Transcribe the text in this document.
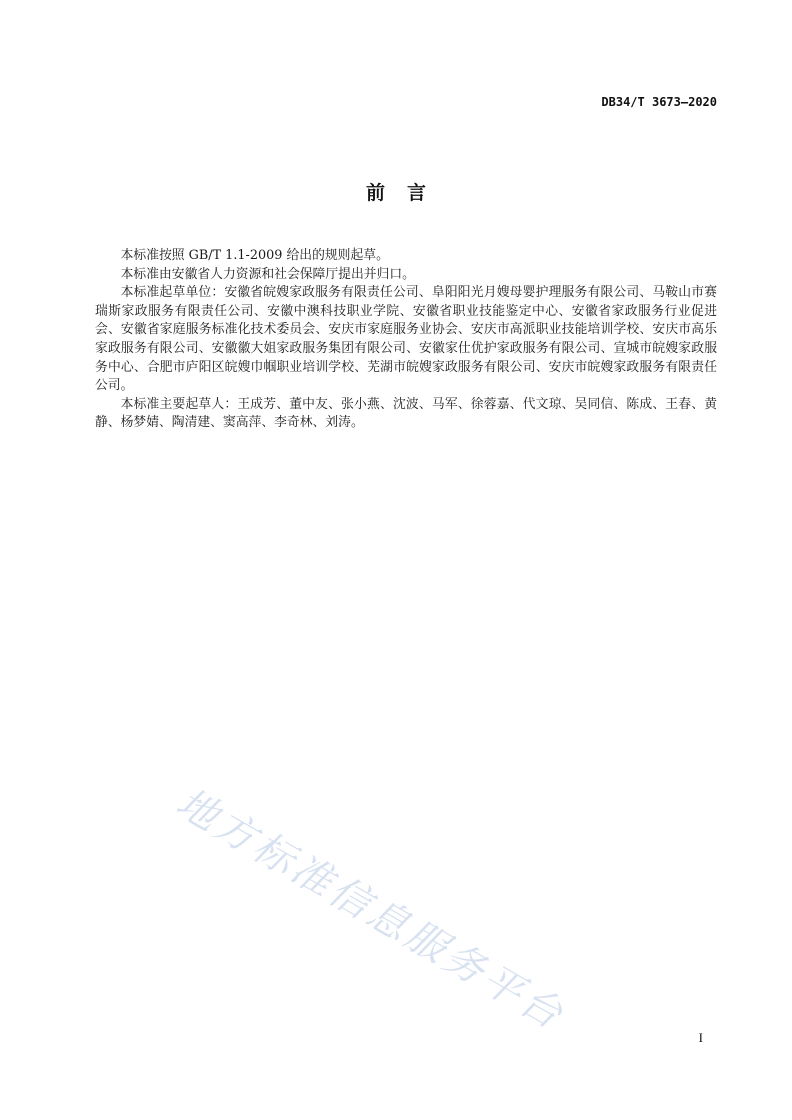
DB34/T 3673—2020
前言

本标准按照 GB/T 1.1-2009 给出的规则起草。

本标准由安徽省人力资源和社会保障厅提出并归口。

本标准起草单位：安徽省皖嫂家政服务有限责任公司、阜阳阳光月嫂母婴护理服务有限公司、马鞍山市赛瑞斯家政服务有限责任公司、安徽中澳科技职业学院、安徽省职业技能鉴定中心、安徽省家政服务行业促进会、安徽省家庭服务标准化技术委员会、安庆市家庭服务业协会、安庆市高派职业技能培训学校、安庆市高乐家政服务有限公司、安徽徽大姐家政服务集团有限公司、安徽家仕优护家政服务有限公司、宣城市皖嫂家政服务中心、合肥市庐阳区皖嫂巾帼职业培训学校、芜湖市皖嫂家政服务有限公司、安庆市皖嫂家政服务有限责任公司。

本标准主要起草人：王成芳、董中友、张小燕、沈波、马军、徐蓉嘉、代文琼、吴同信、陈成、王春、黄静、杨梦婧、陶清建、窦高萍、李奇林、刘涛。

地方标准信息服务平台	I
